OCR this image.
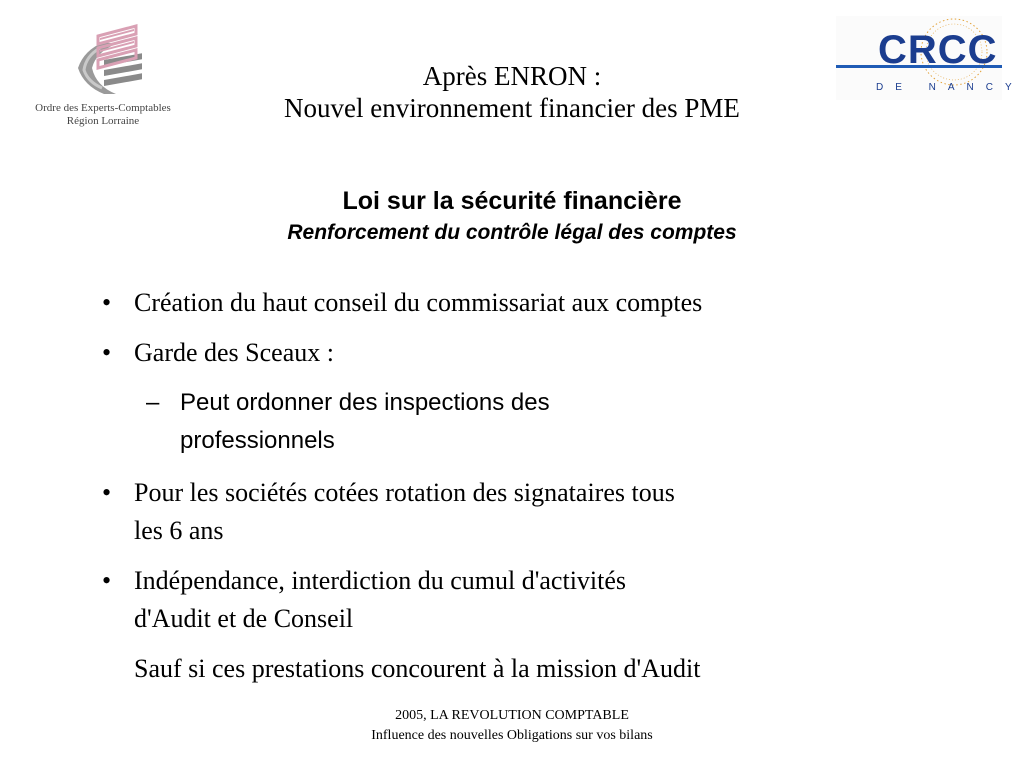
Ordre des Experts-Comptables
Région Lorraine
CRCC
DE NANCY
Après ENRON :
Nouvel environnement financier des PME
Loi sur la sécurité financière
Renforcement du contrôle légal des comptes
• Création du haut conseil du commissariat aux comptes
• Garde des Sceaux :
– Peut ordonner des inspections des
professionnels
• Pour les sociétés cotées rotation des signataires tous
les 6 ans
• Indépendance, interdiction du cumul d'activités
d'Audit et de Conseil
Sauf si ces prestations concourent à la mission d'Audit
2005, LA REVOLUTION COMPTABLE
Influence des nouvelles Obligations sur vos bilans
